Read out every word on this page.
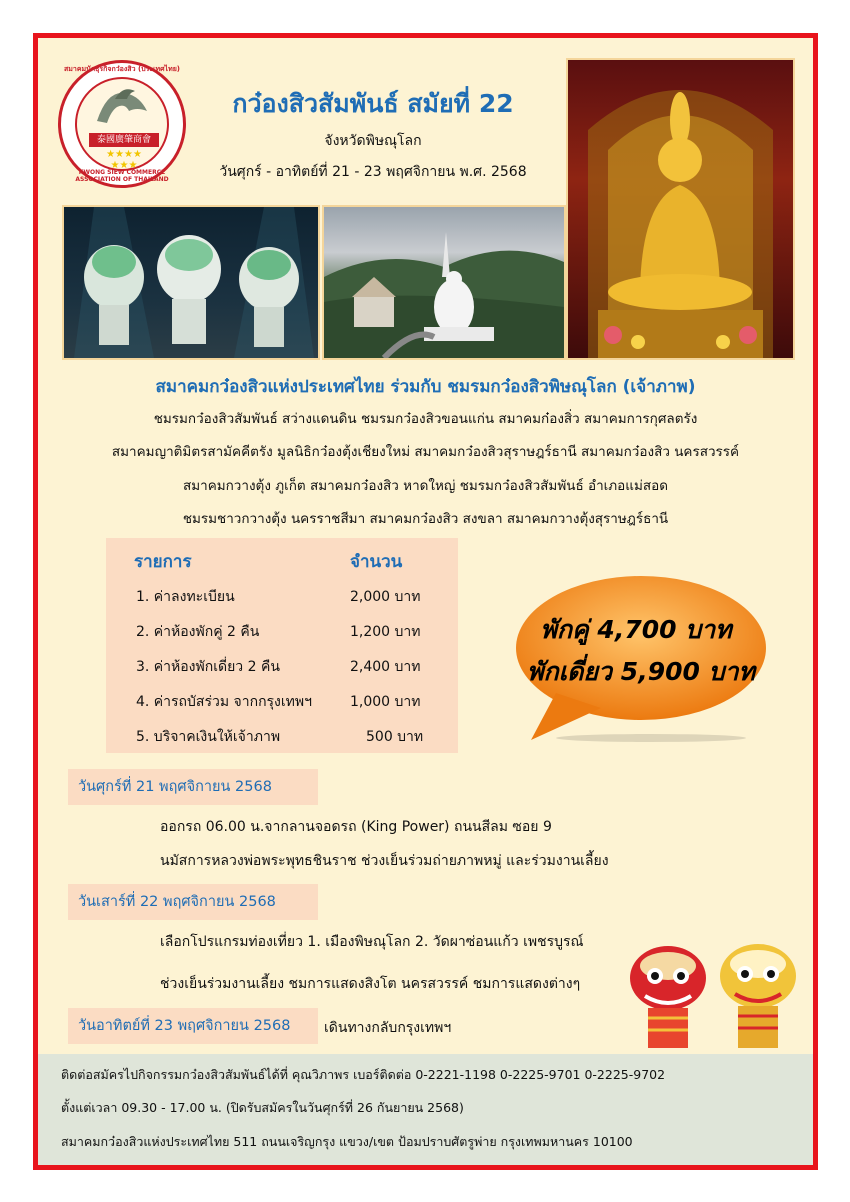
สมาคมนักธุรกิจกว๋องสิว (ประเทศไทย)
泰國廣肇商會
★★★★
★★★
KWONG SIEW COMMERCE ASSOCIATION OF THAILAND
กว๋องสิวสัมพันธ์ สมัยที่ 22
จังหวัดพิษณุโลก
วันศุกร์ - อาทิตย์ที่ 21 - 23 พฤศจิกายน พ.ศ. 2568
สมาคมกว๋องสิวแห่งประเทศไทย ร่วมกับ ชมรมกว๋องสิวพิษณุโลก (เจ้าภาพ)
ชมรมกว๋องสิวสัมพันธ์ สว่างแดนดิน ชมรมกว๋องสิวขอนแก่น สมาคมก๋องสิ่ว สมาคมการกุศลตรัง
สมาคมญาติมิตรสามัคคีตรัง มูลนิธิกว๋องตุ้งเชียงใหม่ สมาคมกว๋องสิวสุราษฎร์ธานี สมาคมกว๋องสิว นครสวรรค์
สมาคมกวางตุ้ง ภูเก็ต สมาคมกว๋องสิว หาดใหญ่ ชมรมกว๋องสิวสัมพันธ์ อำเภอแม่สอด
ชมรมชาวกวางตุ้ง นครราชสีมา สมาคมกว๋องสิว สงขลา สมาคมกวางตุ้งสุราษฎร์ธานี
รายการ	จำนวน
1. ค่าลงทะเบียน	2,000 บาท
2. ค่าห้องพักคู่ 2 คืน	1,200 บาท
3. ค่าห้องพักเดี่ยว 2 คืน	2,400 บาท
4. ค่ารถบัสร่วม จากกรุงเทพฯ	1,000 บาท
5. บริจาคเงินให้เจ้าภาพ	500 บาท
พักคู่ 4,700 บาท
พักเดี่ยว 5,900 บาท
วันศุกร์ที่ 21 พฤศจิกายน 2568
ออกรถ 06.00 น.จากลานจอดรถ (King Power) ถนนสีลม ซอย 9
นมัสการหลวงพ่อพระพุทธชินราช ช่วงเย็นร่วมถ่ายภาพหมู่ และร่วมงานเลี้ยง
วันเสาร์ที่ 22 พฤศจิกายน 2568
เลือกโปรแกรมท่องเที่ยว 1. เมืองพิษณุโลก 2. วัดผาซ่อนแก้ว เพชรบูรณ์
ช่วงเย็นร่วมงานเลี้ยง ชมการแสดงสิงโต นครสวรรค์ ชมการแสดงต่างๆ
วันอาทิตย์ที่ 23 พฤศจิกายน 2568	เดินทางกลับกรุงเทพฯ
ติดต่อสมัครไปกิจกรรมกว๋องสิวสัมพันธ์ได้ที่ คุณวิภาพร เบอร์ติดต่อ 0-2221-1198 0-2225-9701 0-2225-9702
ตั้งแต่เวลา 09.30 - 17.00 น. (ปิดรับสมัครในวันศุกร์ที่ 26 กันยายน 2568)
สมาคมกว๋องสิวแห่งประเทศไทย 511 ถนนเจริญกรุง แขวง/เขต ป้อมปราบศัตรูพ่าย กรุงเทพมหานคร 10100
